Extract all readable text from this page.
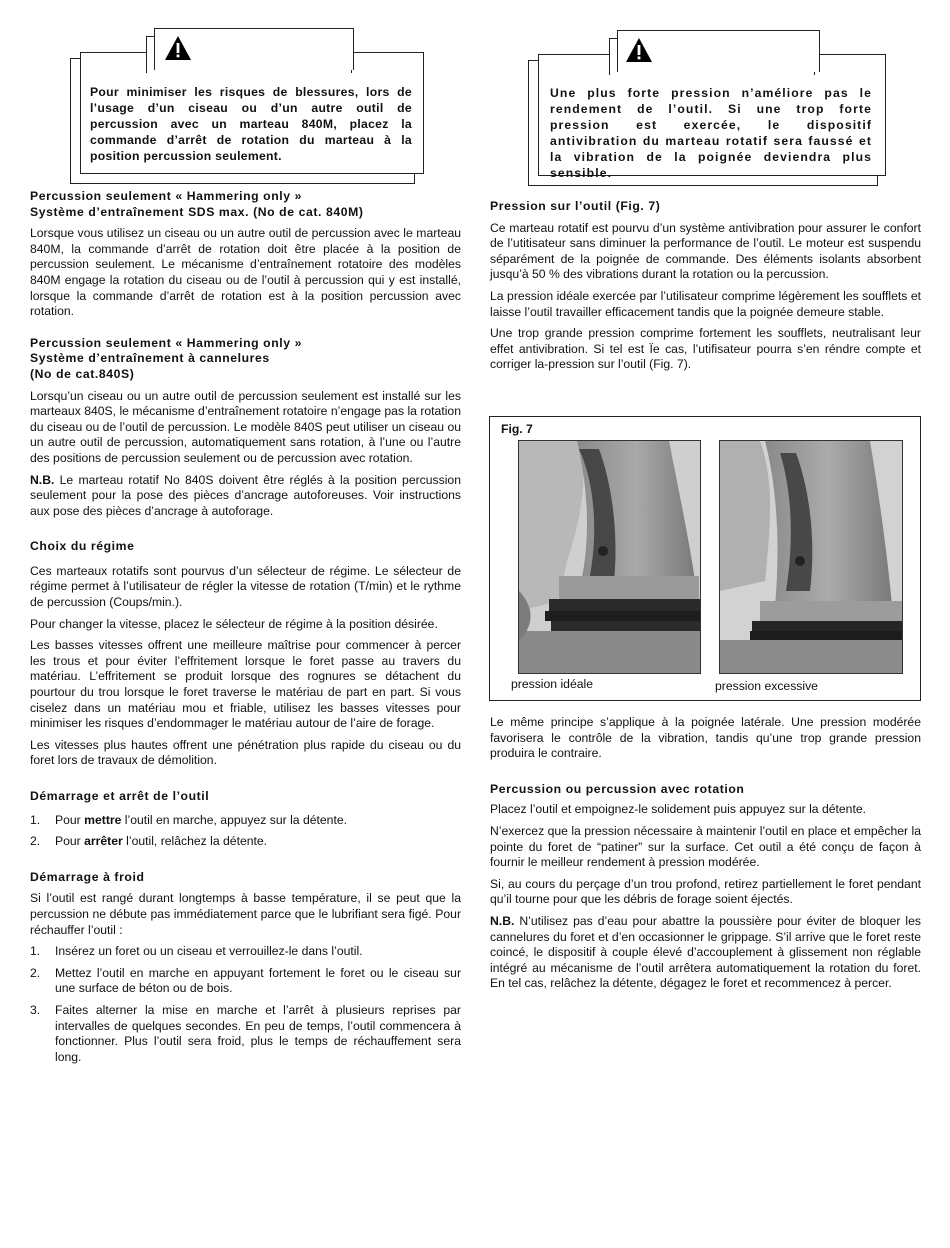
Pour minimiser les risques de blessures, lors de l’usage d’un ciseau ou d’un autre outil de percussion avec un marteau 840M, placez la commande d’arrêt de rotation du marteau à la position percussion seulement.
Une plus forte pression n’améliore pas le rendement de l’outil. Si une trop forte pression est exercée, le dispositif antivibration du marteau rotatif sera faussé et la vibration de la poignée deviendra plus sensible.
Percussion seulement « Hammering only »
Système d’entraînement SDS max. (No de cat. 840M)

Lorsque vous utilisez un ciseau ou un autre outil de percussion avec le marteau 840M, la commande d’arrêt de rotation doit être placée à la position de percussion seulement. Le mécanisme d’entraînement rotatoire des modèles 840M engage la rotation du ciseau ou de l’outil à percussion qui y est installé, lorsque la commande d’arrêt de rotation est à la position percussion avec rotation.

Percussion seulement « Hammering only »
Système d’entraînement à cannelures
(No de cat.840S)

Lorsqu’un ciseau ou un autre outil de percussion seulement est installé sur les marteaux 840S, le mécanisme d’entraînement rotatoire n’engage pas la rotation du ciseau ou de l’outil de percussion. Le modèle 840S peut utiliser un ciseau ou un autre outil de percussion, automatiquement sans rotation, à l’une ou l’autre des positions de percussion seulement ou de percussion avec rotation.

N.B. Le marteau rotatif No 840S doivent être réglés à la position percussion seulement pour la pose des pièces d’ancrage autoforeuses. Voir instructions aux pose des pièces d’ancrage à autoforage.

Choix du régime

Ces marteaux rotatifs sont pourvus d’un sélecteur de régime. Le sélecteur de régime permet à l’utilisateur de régler la vitesse de rotation (T/min) et le rythme de percussion (Coups/min.).

Pour changer la vitesse, placez le sélecteur de régime à la position désirée.

Les basses vitesses offrent une meilleure maîtrise pour commencer à percer les trous et pour éviter l’effritement lorsque le foret passe au travers du matériau. L’effritement se produit lorsque des rognures se détachent du pourtour du trou lorsque le foret traverse le matériau de part en part. Si vous ciselez dans un matériau mou et friable, utilisez les basses vitesses pour minimiser les risques d’endommager le matériau autour de l’aire de forage.

Les vitesses plus hautes offrent une pénétration plus rapide du ciseau ou du foret lors de travaux de démolition.

Démarrage et arrêt de l’outil
1. Pour mettre l’outil en marche, appuyez sur la détente.
2. Pour arrêter l’outil, relâchez la détente.
Démarrage à froid

Si l’outil est rangé durant longtemps à basse température, il se peut que la percussion ne débute pas immédiatement parce que le lubrifiant sera figé. Pour réchauffer l’outil :

1. Insérez un foret ou un ciseau et verrouillez-le dans l’outil.
2. Mettez l’outil en marche en appuyant fortement le foret ou le ciseau sur une surface de béton ou de bois.
3. Faites alterner la mise en marche et l’arrêt à plusieurs reprises par intervalles de quelques secondes. En peu de temps, l’outil commencera à fonctionner. Plus l’outil sera froid, plus le temps de réchauffement sera long.
Pression sur l’outil (Fig. 7)

Ce marteau rotatif est pourvu d’un système antivibration pour assurer le confort de l’utitisateur sans diminuer la performance de l’outil. Le moteur est suspendu séparément de la poignée de commande. Des éléments isolants absorbent jusqu’à 50 % des vibrations durant la rotation ou la percussion.

La pression idéale exercée par l’utilisateur comprime légèrement les soufflets et laisse l’outil travailler efficacement tandis que la poignée demeure stable.

Une trop grande pression comprime fortement les soufflets, neutralisant leur effet antivibration. Si tel est Ïe cas, l’utifisateur pourra s’en réndre compte et corriger la-pression sur l’outil (Fig. 7).

Fig. 7
pression idéale	pression excessive

Le même principe s’applique à la poignée latérale. Une pression modérée favorisera le contrôle de la vibration, tandis qu’une trop grande pression produira le contraire.

Percussion ou percussion avec rotation

Placez l’outil et empoignez-le solidement puis appuyez sur la détente.

N’exercez que la pression nécessaire à maintenir l’outil en place et empêcher la pointe du foret de “patiner” sur la surface. Cet outil a été conçu de façon à fournir le meilleur rendement à pression modérée.

Si, au cours du perçage d’un trou profond, retirez partiellement le foret pendant qu’il tourne pour que les débris de forage soient éjectés.

N.B. N’utilisez pas d’eau pour abattre la poussière pour éviter de bloquer les cannelures du foret et d’en occasionner le grippage. S’il arrive que le foret reste coincé, le dispositif à couple élevé d’accouplement à glissement non réglable intégré au mécanisme de l’outil arrêtera automatiquement la rotation du foret. En tel cas, relâchez la détente, dégagez le foret et recommencez à percer.
